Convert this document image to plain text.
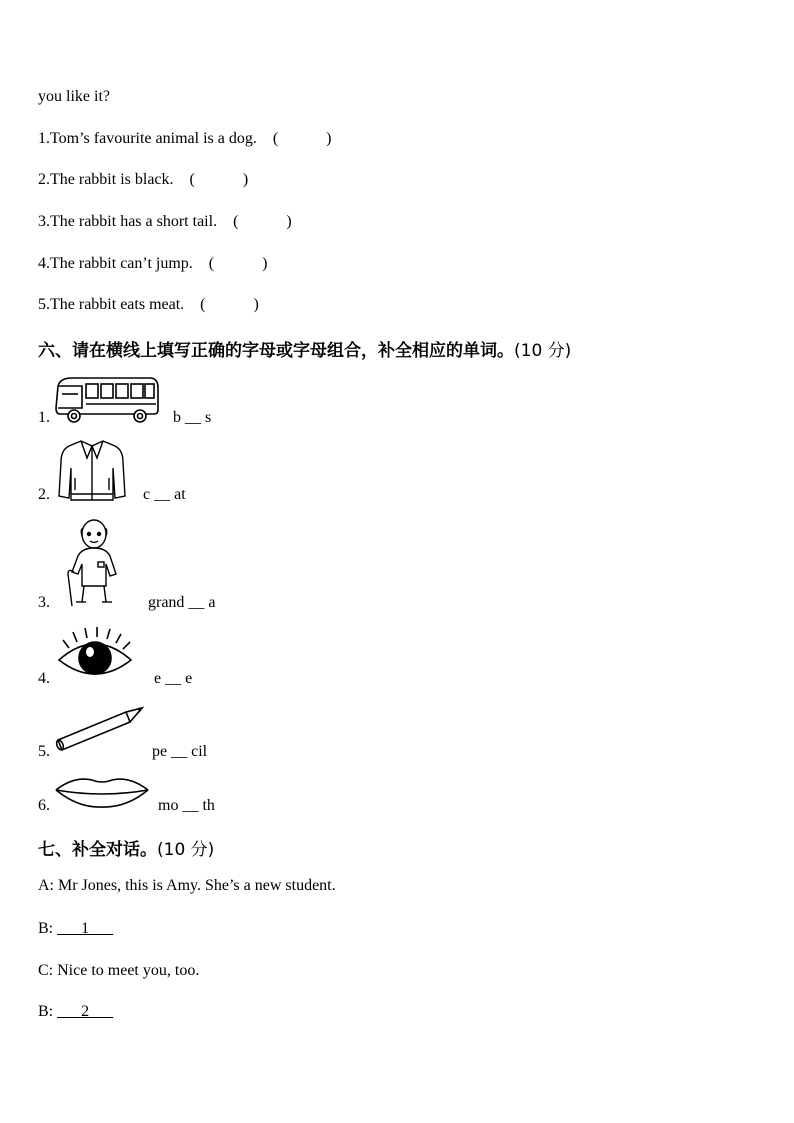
you like it?
1.Tom’s favourite animal is a dog. (            )
2.The rabbit is black. (            )
3.The rabbit has a short tail. (            )
4.The rabbit can’t jump. (            )
5.The rabbit eats meat. (            )
六、请在横线上填写正确的字母或字母组合，补全相应的单词。(10 分)
1.	b __ s
2.	c __ at
3.	grand __ a
4.	e __ e
5.	pe __ cil
6.	mo __ th
七、补全对话。(10 分)
A: Mr Jones, this is Amy. She’s a new student.
B: ___1___
C: Nice to meet you, too.
B: ___2___
